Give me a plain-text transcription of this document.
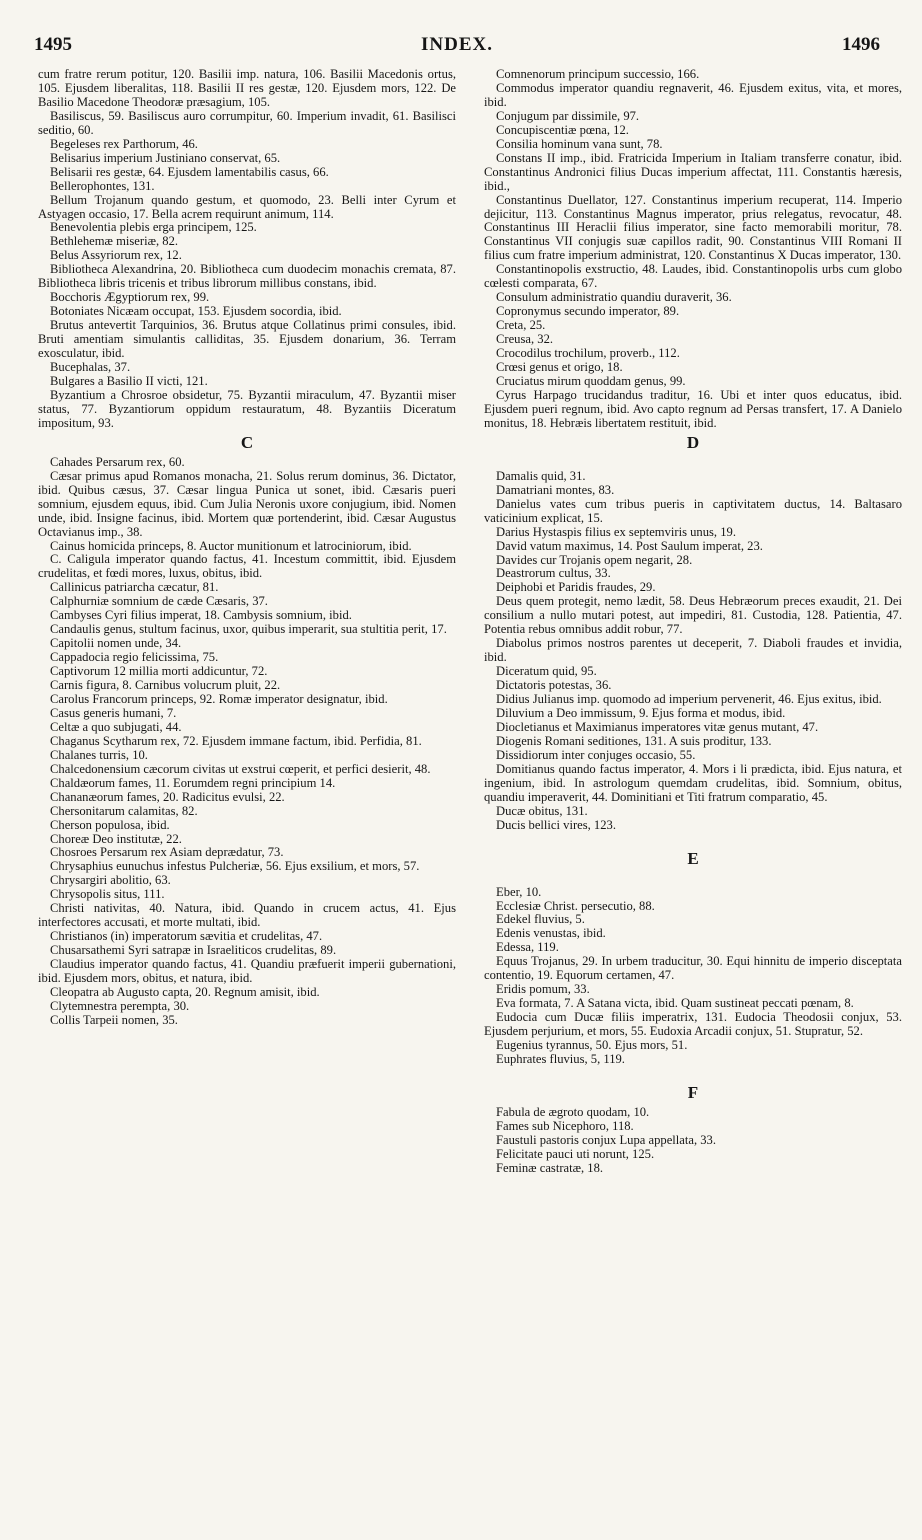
1495	INDEX.	1496

cum fratre rerum potitur, 120. Basilii imp. natura, 106. Basilii Macedonis ortus, 105. Ejusdem liberalitas, 118. Basilii II res gestæ, 120. Ejusdem mors, 122. De Basilio Macedone Theodoræ præsagium, 105.

Basiliscus, 59. Basiliscus auro corrumpitur, 60. Imperium invadit, 61. Basilisci seditio, 60.

Begeleses rex Parthorum, 46.

Belisarius imperium Justiniano conservat, 65.

Belisarii res gestæ, 64. Ejusdem lamentabilis casus, 66.

Bellerophontes, 131.

Bellum Trojanum quando gestum, et quomodo, 23. Belli inter Cyrum et Astyagen occasio, 17. Bella acrem requirunt animum, 114.

Benevolentia plebis erga principem, 125.

Bethlehemæ miseriæ, 82.

Belus Assyriorum rex, 12.

Bibliotheca Alexandrina, 20. Bibliotheca cum duodecim monachis cremata, 87. Bibliotheca libris tricenis et tribus librorum millibus constans, ibid.

Bocchoris Ægyptiorum rex, 99.

Botoniates Nicæam occupat, 153. Ejusdem socordia, ibid.

Brutus antevertit Tarquinios, 36. Brutus atque Collatinus primi consules, ibid. Bruti amentiam simulantis calliditas, 35. Ejusdem donarium, 36. Terram exosculatur, ibid.

Bucephalas, 37.

Bulgares a Basilio II victi, 121.

Byzantium a Chrosroe obsidetur, 75. Byzantii miraculum, 47. Byzantii miser status, 77. Byzantiorum oppidum restauratum, 48. Byzantiis Diceratum impositum, 93.

C

Cahades Persarum rex, 60.

Cæsar primus apud Romanos monacha, 21. Solus rerum dominus, 36. Dictator, ibid. Quibus cæsus, 37. Cæsar lingua Punica ut sonet, ibid. Cæsaris pueri somnium, ejusdem equus, ibid. Cum Julia Neronis uxore conjugium, ibid. Nomen unde, ibid. Insigne facinus, ibid. Mortem quæ portenderint, ibid. Cæsar Augustus Octavianus imp., 38.

Cainus homicida princeps, 8. Auctor munitionum et latrociniorum, ibid.

C. Caligula imperator quando factus, 41. Incestum committit, ibid. Ejusdem crudelitas, et fœdi mores, luxus, obitus, ibid.

Callinicus patriarcha cæcatur, 81.

Calphurniæ somnium de cæde Cæsaris, 37.

Cambyses Cyri filius imperat, 18. Cambysis somnium, ibid.

Candaulis genus, stultum facinus, uxor, quibus imperarit, sua stultitia perit, 17.

Capitolii nomen unde, 34.

Cappadocia regio felicissima, 75.

Captivorum 12 millia morti addicuntur, 72.

Carnis figura, 8. Carnibus volucrum pluit, 22.

Carolus Francorum princeps, 92. Romæ imperator designatur, ibid.

Casus generis humani, 7.

Celtæ a quo subjugati, 44.

Chaganus Scytharum rex, 72. Ejusdem immane factum, ibid. Perfidia, 81.

Chalanes turris, 10.

Chalcedonensium cæcorum civitas ut exstrui cœperit, et perfici desierit, 48.

Chaldæorum fames, 11. Eorumdem regni principium 14.

Chananæorum fames, 20. Radicitus evulsi, 22.

Chersonitarum calamitas, 82.

Cherson populosa, ibid.

Choreæ Deo institutæ, 22.

Chosroes Persarum rex Asiam deprædatur, 73.

Chrysaphius eunuchus infestus Pulcheriæ, 56. Ejus exsilium, et mors, 57.

Chrysargiri abolitio, 63.

Chrysopolis situs, 111.

Christi nativitas, 40. Natura, ibid. Quando in crucem actus, 41. Ejus interfectores accusati, et morte multati, ibid.

Christianos (in) imperatorum sævitia et crudelitas, 47.

Chusarsathemi Syri satrapæ in Israeliticos crudelitas, 89.

Claudius imperator quando factus, 41. Quandiu præfuerit imperii gubernationi, ibid. Ejusdem mors, obitus, et natura, ibid.

Cleopatra ab Augusto capta, 20. Regnum amisit, ibid.

Clytemnestra perempta, 30.

Collis Tarpeii nomen, 35.

Comnenorum principum successio, 166.

Commodus imperator quandiu regnaverit, 46. Ejusdem exitus, vita, et mores, ibid.

Conjugum par dissimile, 97.

Concupiscentiæ pœna, 12.

Consilia hominum vana sunt, 78.

Constans II imp., ibid. Fratricida Imperium in Italiam transferre conatur, ibid. Constantinus Andronici filius Ducas imperium affectat, 111. Constantis hæresis, ibid.,

Constantinus Duellator, 127. Constantinus imperium recuperat, 114. Imperio dejicitur, 113. Constantinus Magnus imperator, prius relegatus, revocatur, 48. Constantinus III Heraclii filius imperator, sine facto memorabili moritur, 78. Constantinus VII conjugis suæ capillos radit, 90. Constantinus VIII Romani II filius cum fratre imperium administrat, 120. Constantinus X Ducas imperator, 130.

Constantinopolis exstructio, 48. Laudes, ibid. Constantinopolis urbs cum globo cœlesti comparata, 67.

Consulum administratio quandiu duraverit, 36.

Copronymus secundo imperator, 89.

Creta, 25.

Creusa, 32.

Crocodilus trochilum, proverb., 112.

Crœsi genus et origo, 18.

Cruciatus mirum quoddam genus, 99.

Cyrus Harpago trucidandus traditur, 16. Ubi et inter quos educatus, ibid. Ejusdem pueri regnum, ibid. Avo capto regnum ad Persas transfert, 17. A Danielo monitus, 18. Hebræis libertatem restituit, ibid.

D

Damalis quid, 31.

Damatriani montes, 83.

Danielus vates cum tribus pueris in captivitatem ductus, 14. Baltasaro vaticinium explicat, 15.

Darius Hystaspis filius ex septemviris unus, 19.

David vatum maximus, 14. Post Saulum imperat, 23.

Davides cur Trojanis opem negarit, 28.

Deastrorum cultus, 33.

Deiphobi et Paridis fraudes, 29.

Deus quem protegit, nemo lædit, 58. Deus Hebræorum preces exaudit, 21. Dei consilium a nullo mutari potest, aut impediri, 81. Custodia, 128. Patientia, 47. Potentia rebus omnibus addit robur, 77.

Diabolus primos nostros parentes ut deceperit, 7. Diaboli fraudes et invidia, ibid.

Diceratum quid, 95.

Dictatoris potestas, 36.

Didius Julianus imp. quomodo ad imperium pervenerit, 46. Ejus exitus, ibid.

Diluvium a Deo immissum, 9. Ejus forma et modus, ibid.

Diocletianus et Maximianus imperatores vitæ genus mutant, 47.

Diogenis Romani seditiones, 131. A suis proditur, 133.

Dissidiorum inter conjuges occasio, 55.

Domitianus quando factus imperator, 4. Mors i li prædicta, ibid. Ejus natura, et ingenium, ibid. In astrologum quemdam crudelitas, ibid. Somnium, obitus, quandiu imperaverit, 44. Dominitiani et Titi fratrum comparatio, 45.

Ducæ obitus, 131.

Ducis bellici vires, 123.

E

Eber, 10.

Ecclesiæ Christ. persecutio, 88.

Edekel fluvius, 5.

Edenis venustas, ibid.

Edessa, 119.

Equus Trojanus, 29. In urbem traducitur, 30. Equi hinnitu de imperio disceptata contentio, 19. Equorum certamen, 47.

Eridis pomum, 33.

Eva formata, 7. A Satana victa, ibid. Quam sustineat peccati pœnam, 8.

Eudocia cum Ducæ filiis imperatrix, 131. Eudocia Theodosii conjux, 53. Ejusdem perjurium, et mors, 55. Eudoxia Arcadii conjux, 51. Stupratur, 52.

Eugenius tyrannus, 50. Ejus mors, 51.

Euphrates fluvius, 5, 119.

F

Fabula de ægroto quodam, 10.

Fames sub Nicephoro, 118.

Faustuli pastoris conjux Lupa appellata, 33.

Felicitate pauci uti norunt, 125.

Feminæ castratæ, 18.
